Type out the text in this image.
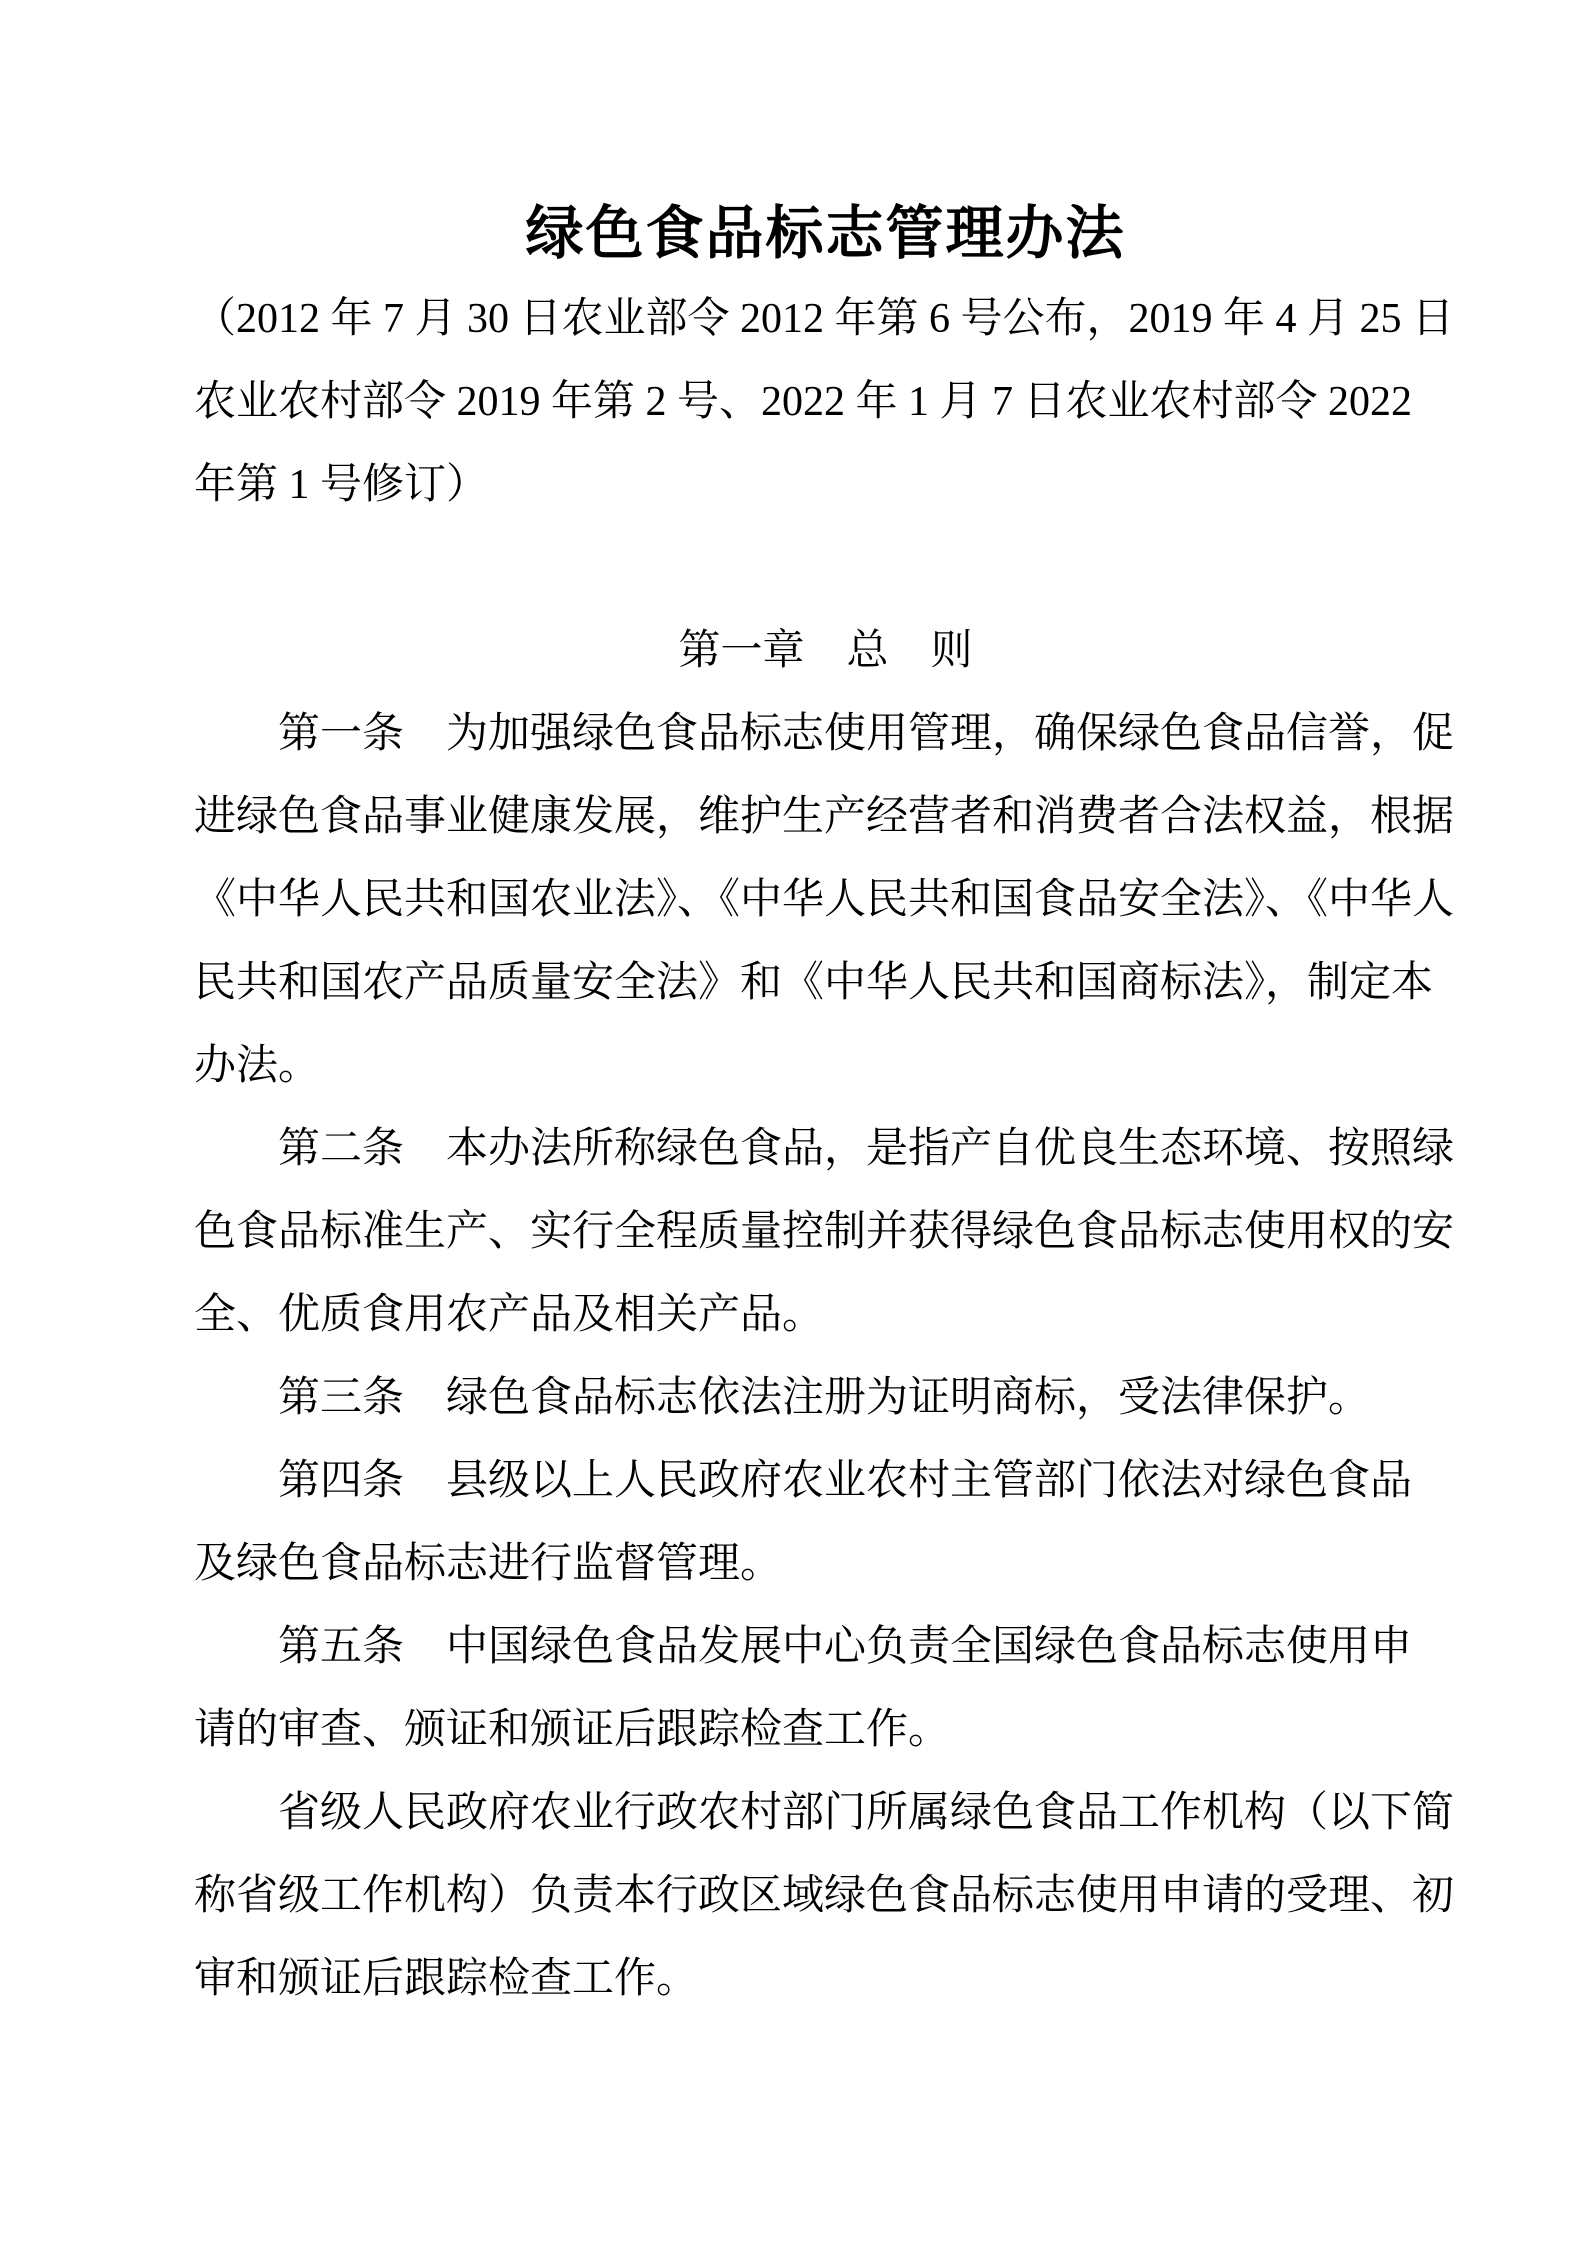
绿色食品标志管理办法

（2012 年 7 月 30 日农业部令 2012 年第 6 号公布，2019 年 4 月 25 日

农业农村部令 2019 年第 2 号、2022 年 1 月 7 日农业农村部令 2022

年第 1 号修订）

第一章　总　则

第一条　为加强绿色食品标志使用管理，确保绿色食品信誉，促

进绿色食品事业健康发展，维护生产经营者和消费者合法权益，根据

《中华人民共和国农业法》、《中华人民共和国食品安全法》、《中华人

民共和国农产品质量安全法》和《中华人民共和国商标法》，制定本

办法。

第二条　本办法所称绿色食品，是指产自优良生态环境、按照绿

色食品标准生产、实行全程质量控制并获得绿色食品标志使用权的安

全、优质食用农产品及相关产品。

第三条　绿色食品标志依法注册为证明商标，受法律保护。

第四条　县级以上人民政府农业农村主管部门依法对绿色食品

及绿色食品标志进行监督管理。

第五条　中国绿色食品发展中心负责全国绿色食品标志使用申

请的审查、颁证和颁证后跟踪检查工作。

省级人民政府农业行政农村部门所属绿色食品工作机构（以下简

称省级工作机构）负责本行政区域绿色食品标志使用申请的受理、初

审和颁证后跟踪检查工作。
